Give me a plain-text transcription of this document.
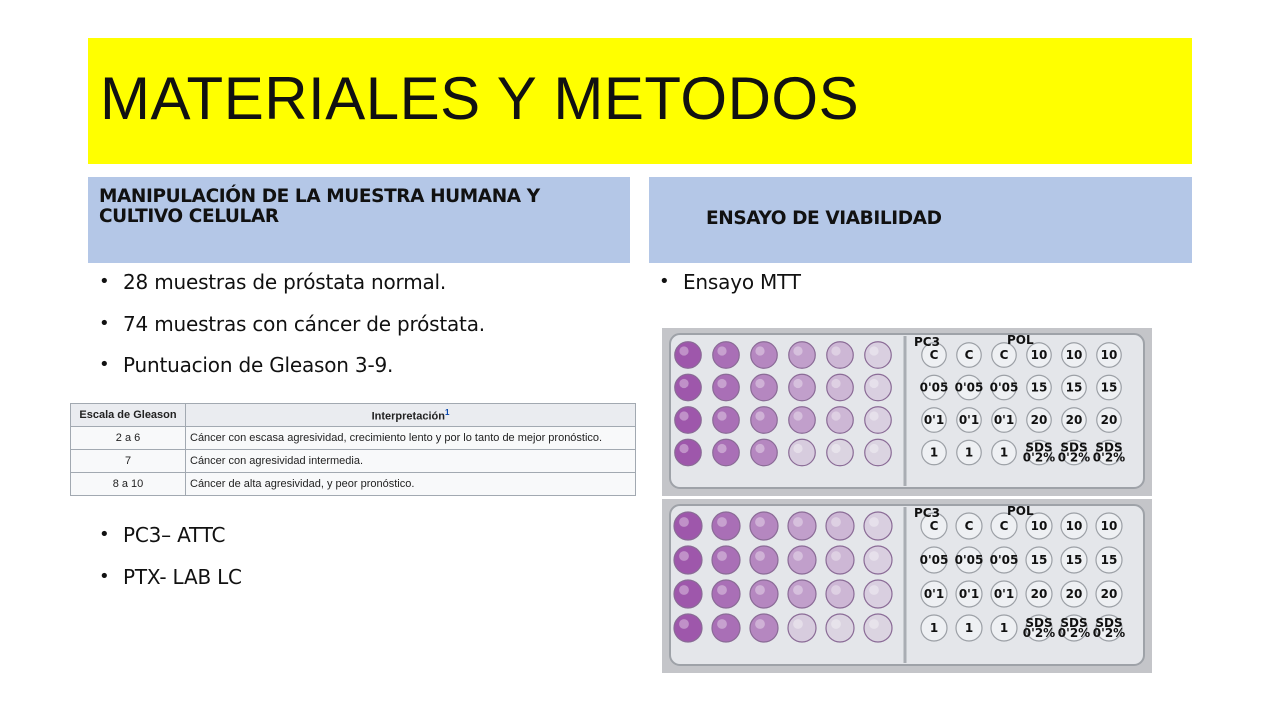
MATERIALES Y METODOS
MANIPULACIÓN DE LA MUESTRA HUMANA Y CULTIVO CELULAR	ENSAYO DE VIABILIDAD
• 28 muestras de próstata normal.
• 74 muestras con cáncer de próstata.
• Puntuacion de Gleason 3-9.
Escala de Gleason	Interpretación$^1$
2 a 6	Cáncer con escasa agresividad, crecimiento lento y por lo tanto de mejor pronóstico.
7	Cáncer con agresividad intermedia.
8 a 10	Cáncer de alta agresividad, y peor pronóstico.
• PC3– ATTC
• PTX- LAB LC
• Ensayo MTT
C C C 10 10 10
0'05 0'05 0'05 15 15 15
0'1 0'1 0'1 20 20 20
1 1 1 SDS
0'2%
SDS
0'2%
SDS
0'2%
POL
PC3
C C C 10 10 10
0'05 0'05 0'05 15 15 15
0'1 0'1 0'1 20 20 20
1 1 1 SDS
0'2%
SDS
0'2%
SDS
0'2%
POL
PC3
